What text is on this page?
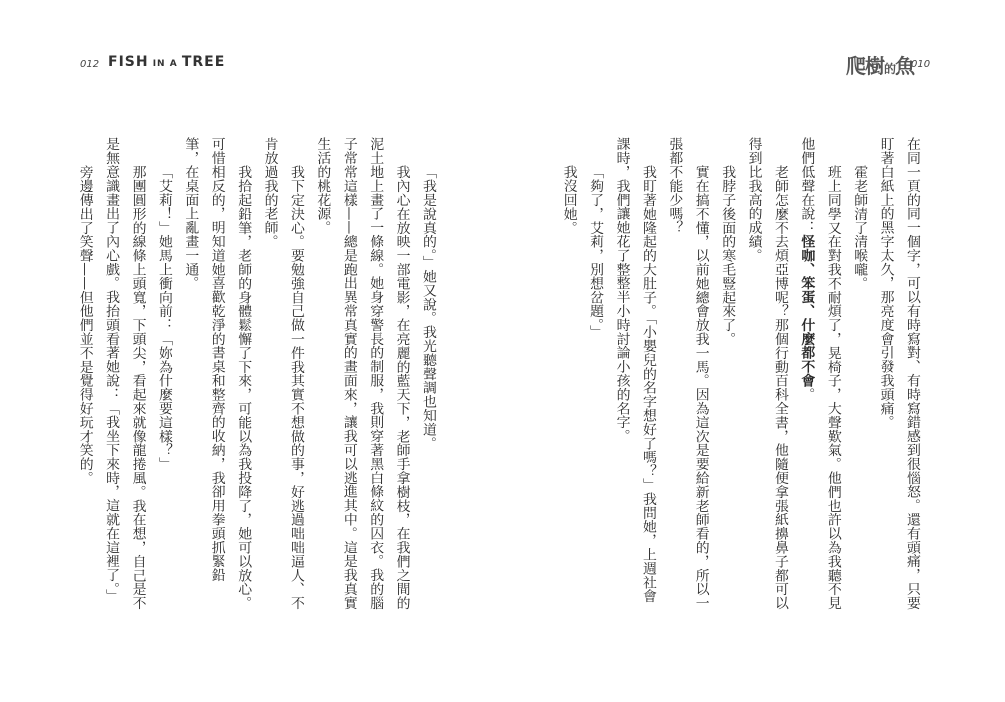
012 FISH IN A TREE	爬樹的魚
010
在同一頁的同一個字，可以有時寫對、有時寫錯感到很惱怒。還有頭痛，只要
盯著白紙上的黑字太久，那亮度會引發我頭痛。
霍老師清了清喉嚨。
班上同學又在對我不耐煩了，晃椅子，大聲歎氣。他們也許以為我聽不見
他們低聲在說：怪咖、笨蛋、什麼都不會。
老師怎麼不去煩亞博呢？那個行動百科全書，他隨便拿張紙擤鼻子都可以
得到比我高的成績。
我脖子後面的寒毛豎起來了。
實在搞不懂，以前她總會放我一馬。因為這次是要給新老師看的，所以一
張都不能少嗎？
我盯著她隆起的大肚子。「小嬰兒的名字想好了嗎？」我問她，上週社會
課時，我們讓她花了整整半小時討論小孩的名字。
「夠了，艾莉，別想岔題。」
我沒回她。
「我是說真的。」她又說。我光聽聲調也知道。
我內心在放映一部電影，在亮麗的藍天下，老師手拿樹枝，在我們之間的
泥土地上畫了一條線。她身穿警長的制服，我則穿著黑白條紋的囚衣。我的腦
子常常這樣——總是跑出異常真實的畫面來，讓我可以逃進其中。這是我真實
生活的桃花源。
我下定決心。要勉強自己做一件我其實不想做的事，好逃過咄咄逼人、不
肯放過我的老師。
我拾起鉛筆，老師的身體鬆懈了下來，可能以為我投降了，她可以放心。
可惜相反的，明知道她喜歡乾淨的書桌和整齊的收納，我卻用拳頭抓緊鉛
筆，在桌面上亂畫一通。
「艾莉！」她馬上衝向前：「妳為什麼要這樣？」
那團圓形的線條上頭寬，下頭尖，看起來就像龍捲風。我在想，自己是不
是無意識畫出了內心戲。我抬頭看著她說：「我坐下來時，這就在這裡了。」
旁邊傳出了笑聲——但他們並不是覺得好玩才笑的。
